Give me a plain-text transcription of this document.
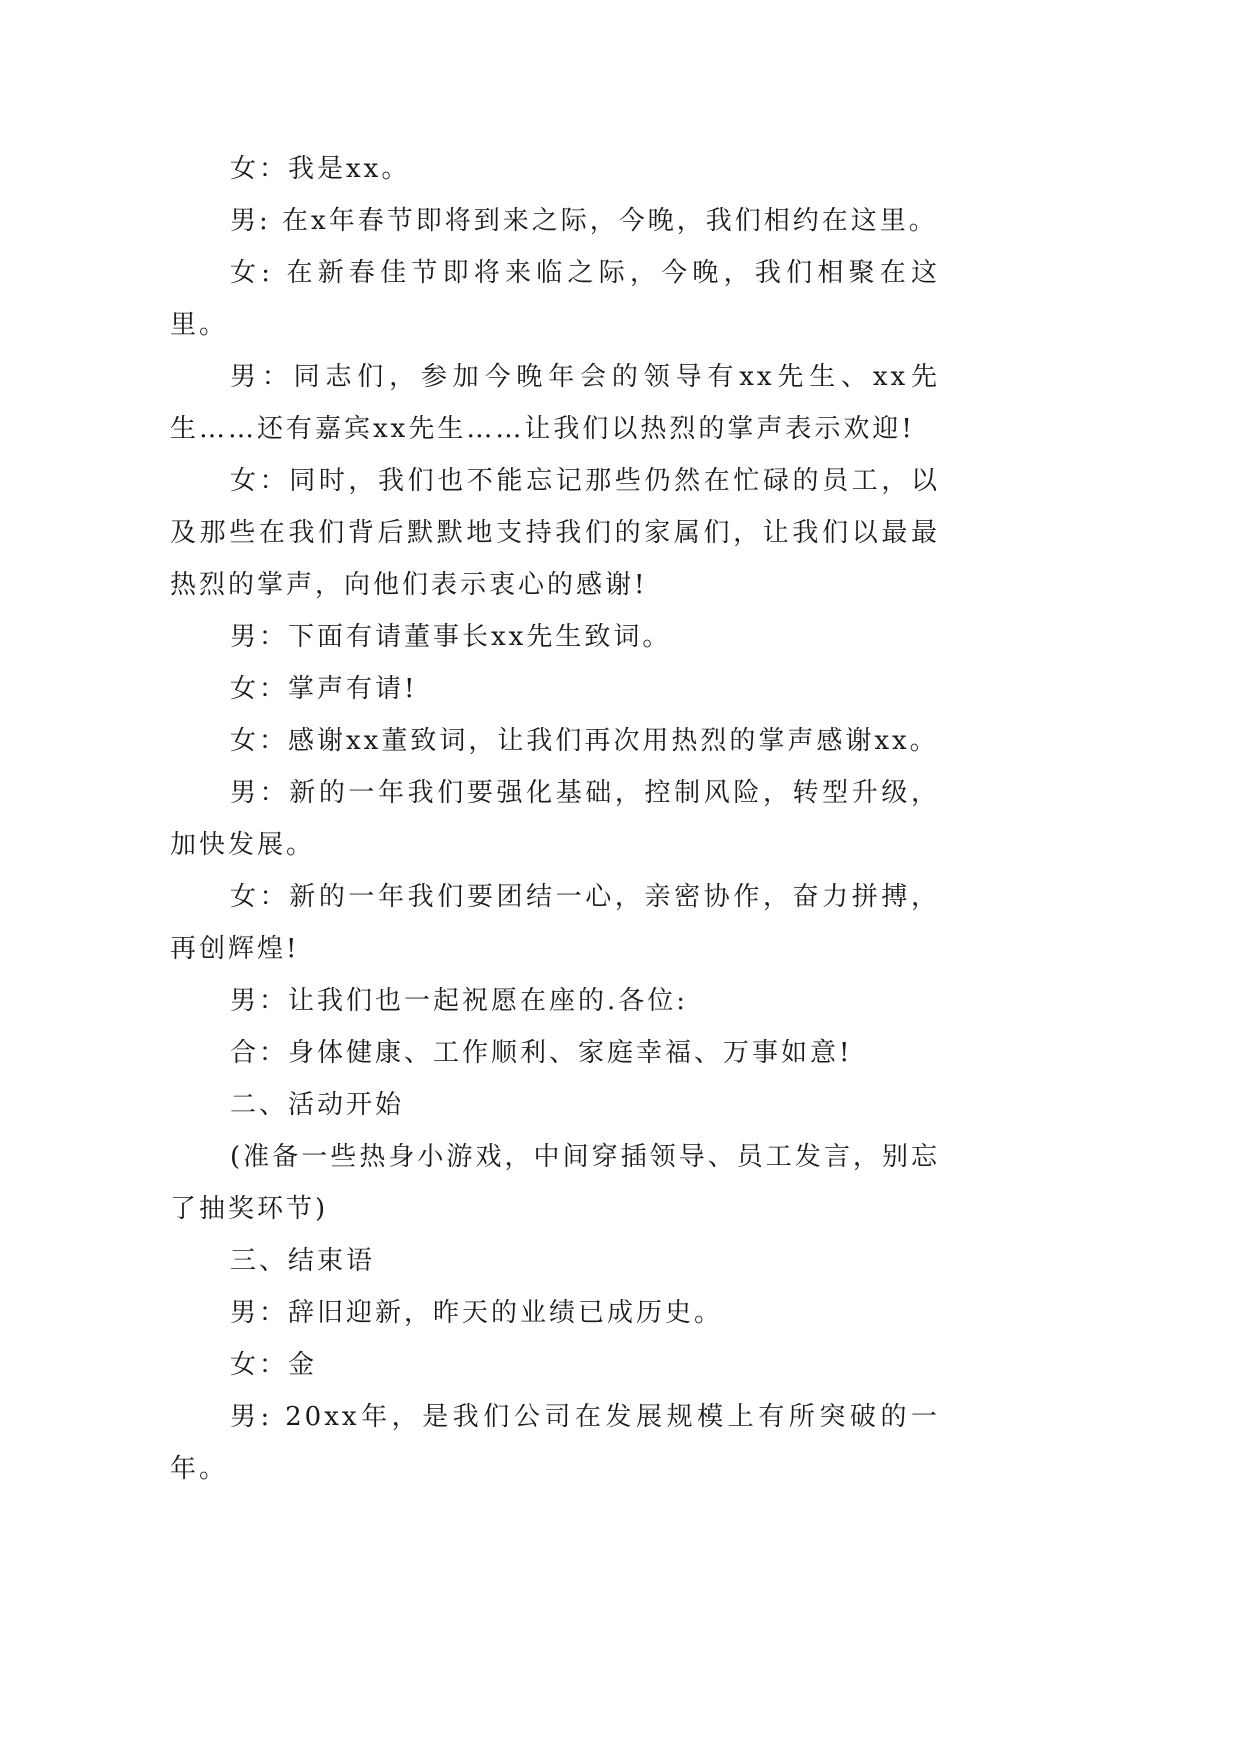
女：我是xx。

男: 在x年春节即将到来之际，今晚，我们相约在这里。

女: 在新春佳节即将来临之际，今晚，我们相聚在这里。

男：同志们，参加今晚年会的领导有xx先生、xx先生……还有嘉宾xx先生……让我们以热烈的掌声表示欢迎!

女：同时，我们也不能忘记那些仍然在忙碌的员工，以及那些在我们背后默默地支持我们的家属们，让我们以最最热烈的掌声，向他们表示衷心的感谢!

男：下面有请董事长xx先生致词。

女：掌声有请!

女：感谢xx董致词，让我们再次用热烈的掌声感谢xx。

男：新的一年我们要强化基础，控制风险，转型升级，加快发展。

女：新的一年我们要团结一心，亲密协作，奋力拼搏，再创辉煌!

男：让我们也一起祝愿在座的.各位:

合：身体健康、工作顺利、家庭幸福、万事如意!

二、活动开始

(准备一些热身小游戏，中间穿插领导、员工发言，别忘了抽奖环节)

三、结束语

男：辞旧迎新，昨天的业绩已成历史。

女：金

男: 20xx年，是我们公司在发展规模上有所突破的一年。
